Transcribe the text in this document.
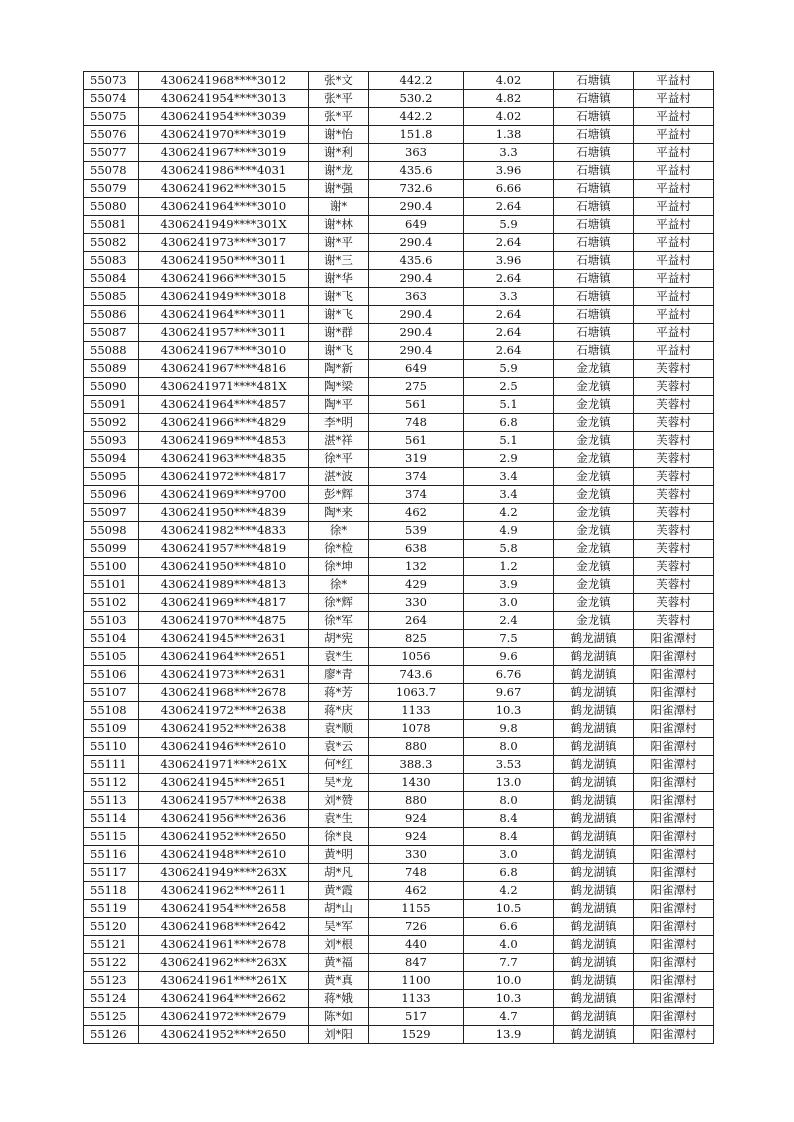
55073	4306241968****3012	张*文	442.2	4.02	石塘镇	平益村
55074	4306241954****3013	张*平	530.2	4.82	石塘镇	平益村
55075	4306241954****3039	张*平	442.2	4.02	石塘镇	平益村
55076	4306241970****3019	谢*怡	151.8	1.38	石塘镇	平益村
55077	4306241967****3019	谢*利	363	3.3	石塘镇	平益村
55078	4306241986****4031	谢*龙	435.6	3.96	石塘镇	平益村
55079	4306241962****3015	谢*强	732.6	6.66	石塘镇	平益村
55080	4306241964****3010	谢*	290.4	2.64	石塘镇	平益村
55081	4306241949****301X	谢*林	649	5.9	石塘镇	平益村
55082	4306241973****3017	谢*平	290.4	2.64	石塘镇	平益村
55083	4306241950****3011	谢*三	435.6	3.96	石塘镇	平益村
55084	4306241966****3015	谢*华	290.4	2.64	石塘镇	平益村
55085	4306241949****3018	谢*飞	363	3.3	石塘镇	平益村
55086	4306241964****3011	谢*飞	290.4	2.64	石塘镇	平益村
55087	4306241957****3011	谢*群	290.4	2.64	石塘镇	平益村
55088	4306241967****3010	谢*飞	290.4	2.64	石塘镇	平益村
55089	4306241967****4816	陶*新	649	5.9	金龙镇	芙蓉村
55090	4306241971****481X	陶*梁	275	2.5	金龙镇	芙蓉村
55091	4306241964****4857	陶*平	561	5.1	金龙镇	芙蓉村
55092	4306241966****4829	李*明	748	6.8	金龙镇	芙蓉村
55093	4306241969****4853	湛*祥	561	5.1	金龙镇	芙蓉村
55094	4306241963****4835	徐*平	319	2.9	金龙镇	芙蓉村
55095	4306241972****4817	湛*波	374	3.4	金龙镇	芙蓉村
55096	4306241969****9700	彭*辉	374	3.4	金龙镇	芙蓉村
55097	4306241950****4839	陶*来	462	4.2	金龙镇	芙蓉村
55098	4306241982****4833	徐*	539	4.9	金龙镇	芙蓉村
55099	4306241957****4819	徐*检	638	5.8	金龙镇	芙蓉村
55100	4306241950****4810	徐*坤	132	1.2	金龙镇	芙蓉村
55101	4306241989****4813	徐*	429	3.9	金龙镇	芙蓉村
55102	4306241969****4817	徐*辉	330	3.0	金龙镇	芙蓉村
55103	4306241970****4875	徐*军	264	2.4	金龙镇	芙蓉村
55104	4306241945****2631	胡*宪	825	7.5	鹤龙湖镇	阳雀潭村
55105	4306241964****2651	袁*生	1056	9.6	鹤龙湖镇	阳雀潭村
55106	4306241973****2631	廖*青	743.6	6.76	鹤龙湖镇	阳雀潭村
55107	4306241968****2678	蒋*芳	1063.7	9.67	鹤龙湖镇	阳雀潭村
55108	4306241972****2638	蒋*庆	1133	10.3	鹤龙湖镇	阳雀潭村
55109	4306241952****2638	袁*顺	1078	9.8	鹤龙湖镇	阳雀潭村
55110	4306241946****2610	袁*云	880	8.0	鹤龙湖镇	阳雀潭村
55111	4306241971****261X	何*红	388.3	3.53	鹤龙湖镇	阳雀潭村
55112	4306241945****2651	吴*龙	1430	13.0	鹤龙湖镇	阳雀潭村
55113	4306241957****2638	刘*赞	880	8.0	鹤龙湖镇	阳雀潭村
55114	4306241956****2636	袁*生	924	8.4	鹤龙湖镇	阳雀潭村
55115	4306241952****2650	徐*良	924	8.4	鹤龙湖镇	阳雀潭村
55116	4306241948****2610	黄*明	330	3.0	鹤龙湖镇	阳雀潭村
55117	4306241949****263X	胡*凡	748	6.8	鹤龙湖镇	阳雀潭村
55118	4306241962****2611	黄*霞	462	4.2	鹤龙湖镇	阳雀潭村
55119	4306241954****2658	胡*山	1155	10.5	鹤龙湖镇	阳雀潭村
55120	4306241968****2642	吴*军	726	6.6	鹤龙湖镇	阳雀潭村
55121	4306241961****2678	刘*根	440	4.0	鹤龙湖镇	阳雀潭村
55122	4306241962****263X	黄*福	847	7.7	鹤龙湖镇	阳雀潭村
55123	4306241961****261X	黄*真	1100	10.0	鹤龙湖镇	阳雀潭村
55124	4306241964****2662	蒋*娥	1133	10.3	鹤龙湖镇	阳雀潭村
55125	4306241972****2679	陈*如	517	4.7	鹤龙湖镇	阳雀潭村
55126	4306241952****2650	刘*阳	1529	13.9	鹤龙湖镇	阳雀潭村
